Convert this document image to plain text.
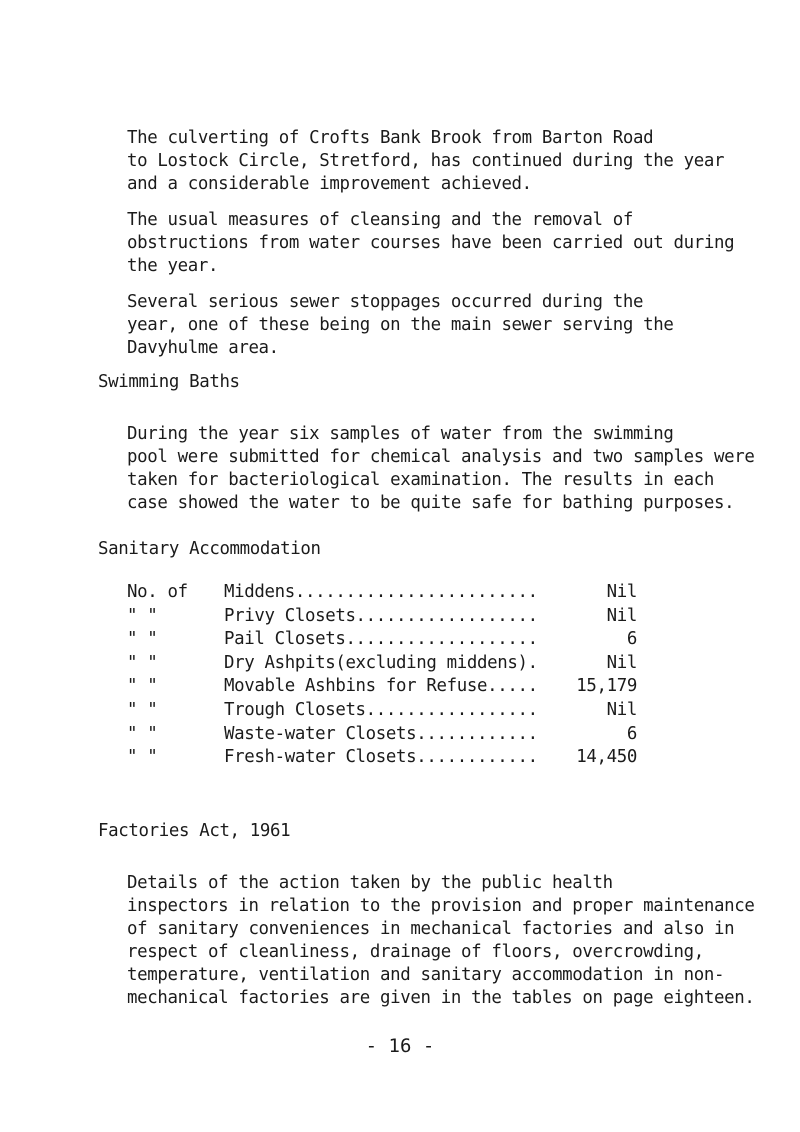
The culverting of Crofts Bank Brook from Barton Road
to Lostock Circle, Stretford, has continued during the year
and a considerable improvement achieved.

The usual measures of cleansing and the removal of
obstructions from water courses have been carried out during
the year.

Several serious sewer stoppages occurred during the
year, one of these being on the main sewer serving the
Davyhulme area.

Swimming Baths

During the year six samples of water from the swimming
pool were submitted for chemical analysis and two samples were
taken for bacteriological examination. The results in each
case showed the water to be quite safe for bathing purposes.

Sanitary Accommodation
No. of	Middens........................	Nil
" "	Privy Closets..................	Nil
" "	Pail Closets...................	6
" "	Dry Ashpits(excluding middens).	Nil
" "	Movable Ashbins for Refuse.....	15,179
" "	Trough Closets.................	Nil
" "	Waste-water Closets............	6
" "	Fresh-water Closets............	14,450
Factories Act, 1961

Details of the action taken by the public health
inspectors in relation to the provision and proper maintenance
of sanitary conveniences in mechanical factories and also in
respect of cleanliness, drainage of floors, overcrowding,
temperature, ventilation and sanitary accommodation in non-
mechanical factories are given in the tables on page eighteen.

- 16 -
